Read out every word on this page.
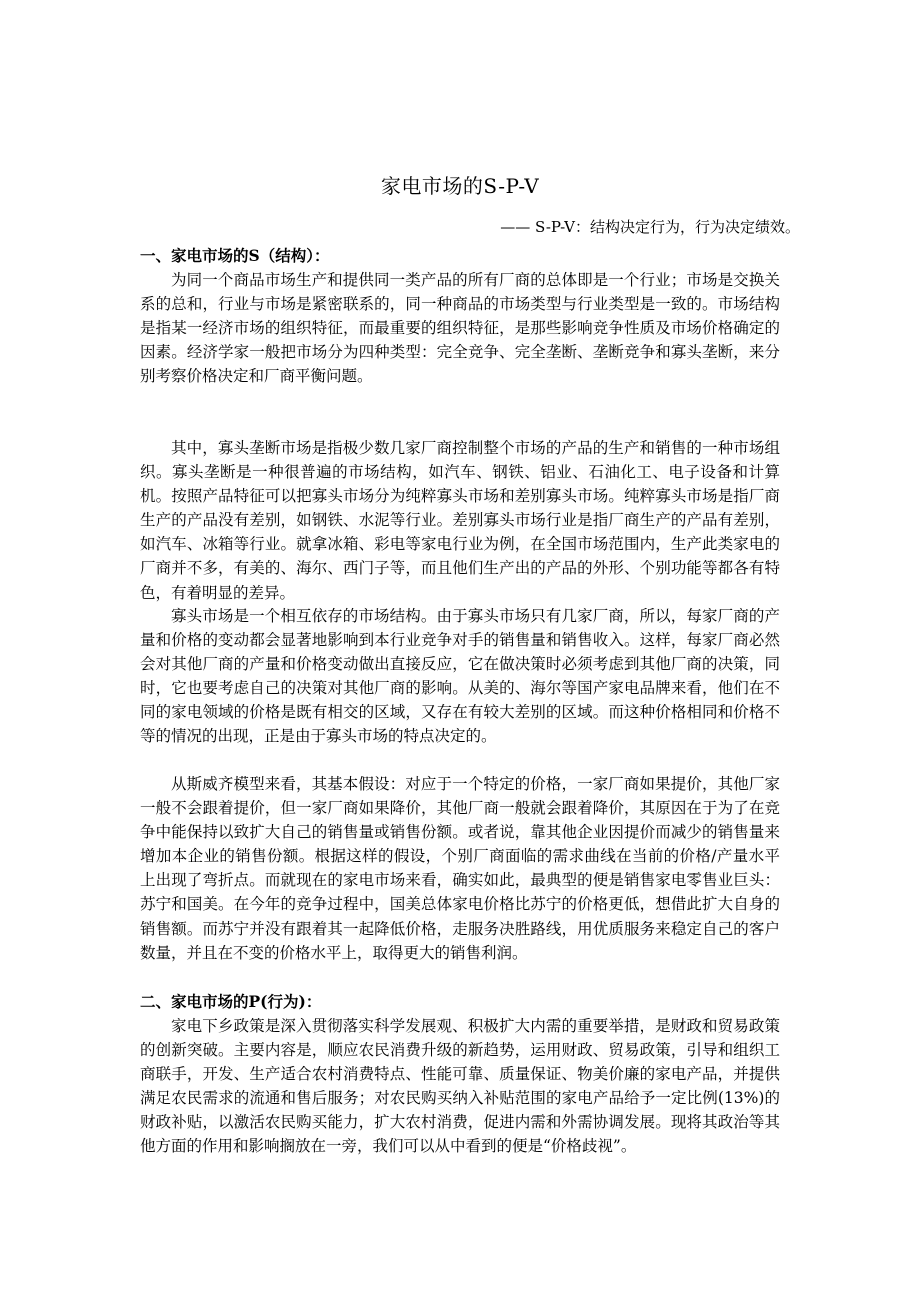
家电市场的S-P-V
—— S-P-V：结构决定行为，行为决定绩效。
一、家电市场的S（结构）：

为同一个商品市场生产和提供同一类产品的所有厂商的总体即是一个行业；市场是交换关系的总和，行业与市场是紧密联系的，同一种商品的市场类型与行业类型是一致的。市场结构是指某一经济市场的组织特征，而最重要的组织特征，是那些影响竞争性质及市场价格确定的因素。经济学家一般把市场分为四种类型：完全竞争、完全垄断、垄断竞争和寡头垄断，来分别考察价格决定和厂商平衡问题。

其中，寡头垄断市场是指极少数几家厂商控制整个市场的产品的生产和销售的一种市场组织。寡头垄断是一种很普遍的市场结构，如汽车、钢铁、铝业、石油化工、电子设备和计算机。按照产品特征可以把寡头市场分为纯粹寡头市场和差别寡头市场。纯粹寡头市场是指厂商生产的产品没有差别，如钢铁、水泥等行业。差别寡头市场行业是指厂商生产的产品有差别，如汽车、冰箱等行业。就拿冰箱、彩电等家电行业为例，在全国市场范围内，生产此类家电的厂商并不多，有美的、海尔、西门子等，而且他们生产出的产品的外形、个别功能等都各有特色，有着明显的差异。

寡头市场是一个相互依存的市场结构。由于寡头市场只有几家厂商，所以，每家厂商的产量和价格的变动都会显著地影响到本行业竞争对手的销售量和销售收入。这样，每家厂商必然会对其他厂商的产量和价格变动做出直接反应，它在做决策时必须考虑到其他厂商的决策，同时，它也要考虑自己的决策对其他厂商的影响。从美的、海尔等国产家电品牌来看，他们在不同的家电领域的价格是既有相交的区域，又存在有较大差别的区域。而这种价格相同和价格不等的情况的出现，正是由于寡头市场的特点决定的。

从斯威齐模型来看，其基本假设：对应于一个特定的价格，一家厂商如果提价，其他厂家一般不会跟着提价，但一家厂商如果降价，其他厂商一般就会跟着降价，其原因在于为了在竞争中能保持以致扩大自己的销售量或销售份额。或者说，靠其他企业因提价而减少的销售量来增加本企业的销售份额。根据这样的假设，个别厂商面临的需求曲线在当前的价格/产量水平上出现了弯折点。而就现在的家电市场来看，确实如此，最典型的便是销售家电零售业巨头：苏宁和国美。在今年的竞争过程中，国美总体家电价格比苏宁的价格更低，想借此扩大自身的销售额。而苏宁并没有跟着其一起降低价格，走服务决胜路线，用优质服务来稳定自己的客户数量，并且在不变的价格水平上，取得更大的销售利润。

二、家电市场的P(行为)：

家电下乡政策是深入贯彻落实科学发展观、积极扩大内需的重要举措，是财政和贸易政策的创新突破。主要内容是，顺应农民消费升级的新趋势，运用财政、贸易政策，引导和组织工商联手，开发、生产适合农村消费特点、性能可靠、质量保证、物美价廉的家电产品，并提供满足农民需求的流通和售后服务；对农民购买纳入补贴范围的家电产品给予一定比例(13%)的财政补贴，以激活农民购买能力，扩大农村消费，促进内需和外需协调发展。现将其政治等其他方面的作用和影响搁放在一旁，我们可以从中看到的便是“价格歧视”。
